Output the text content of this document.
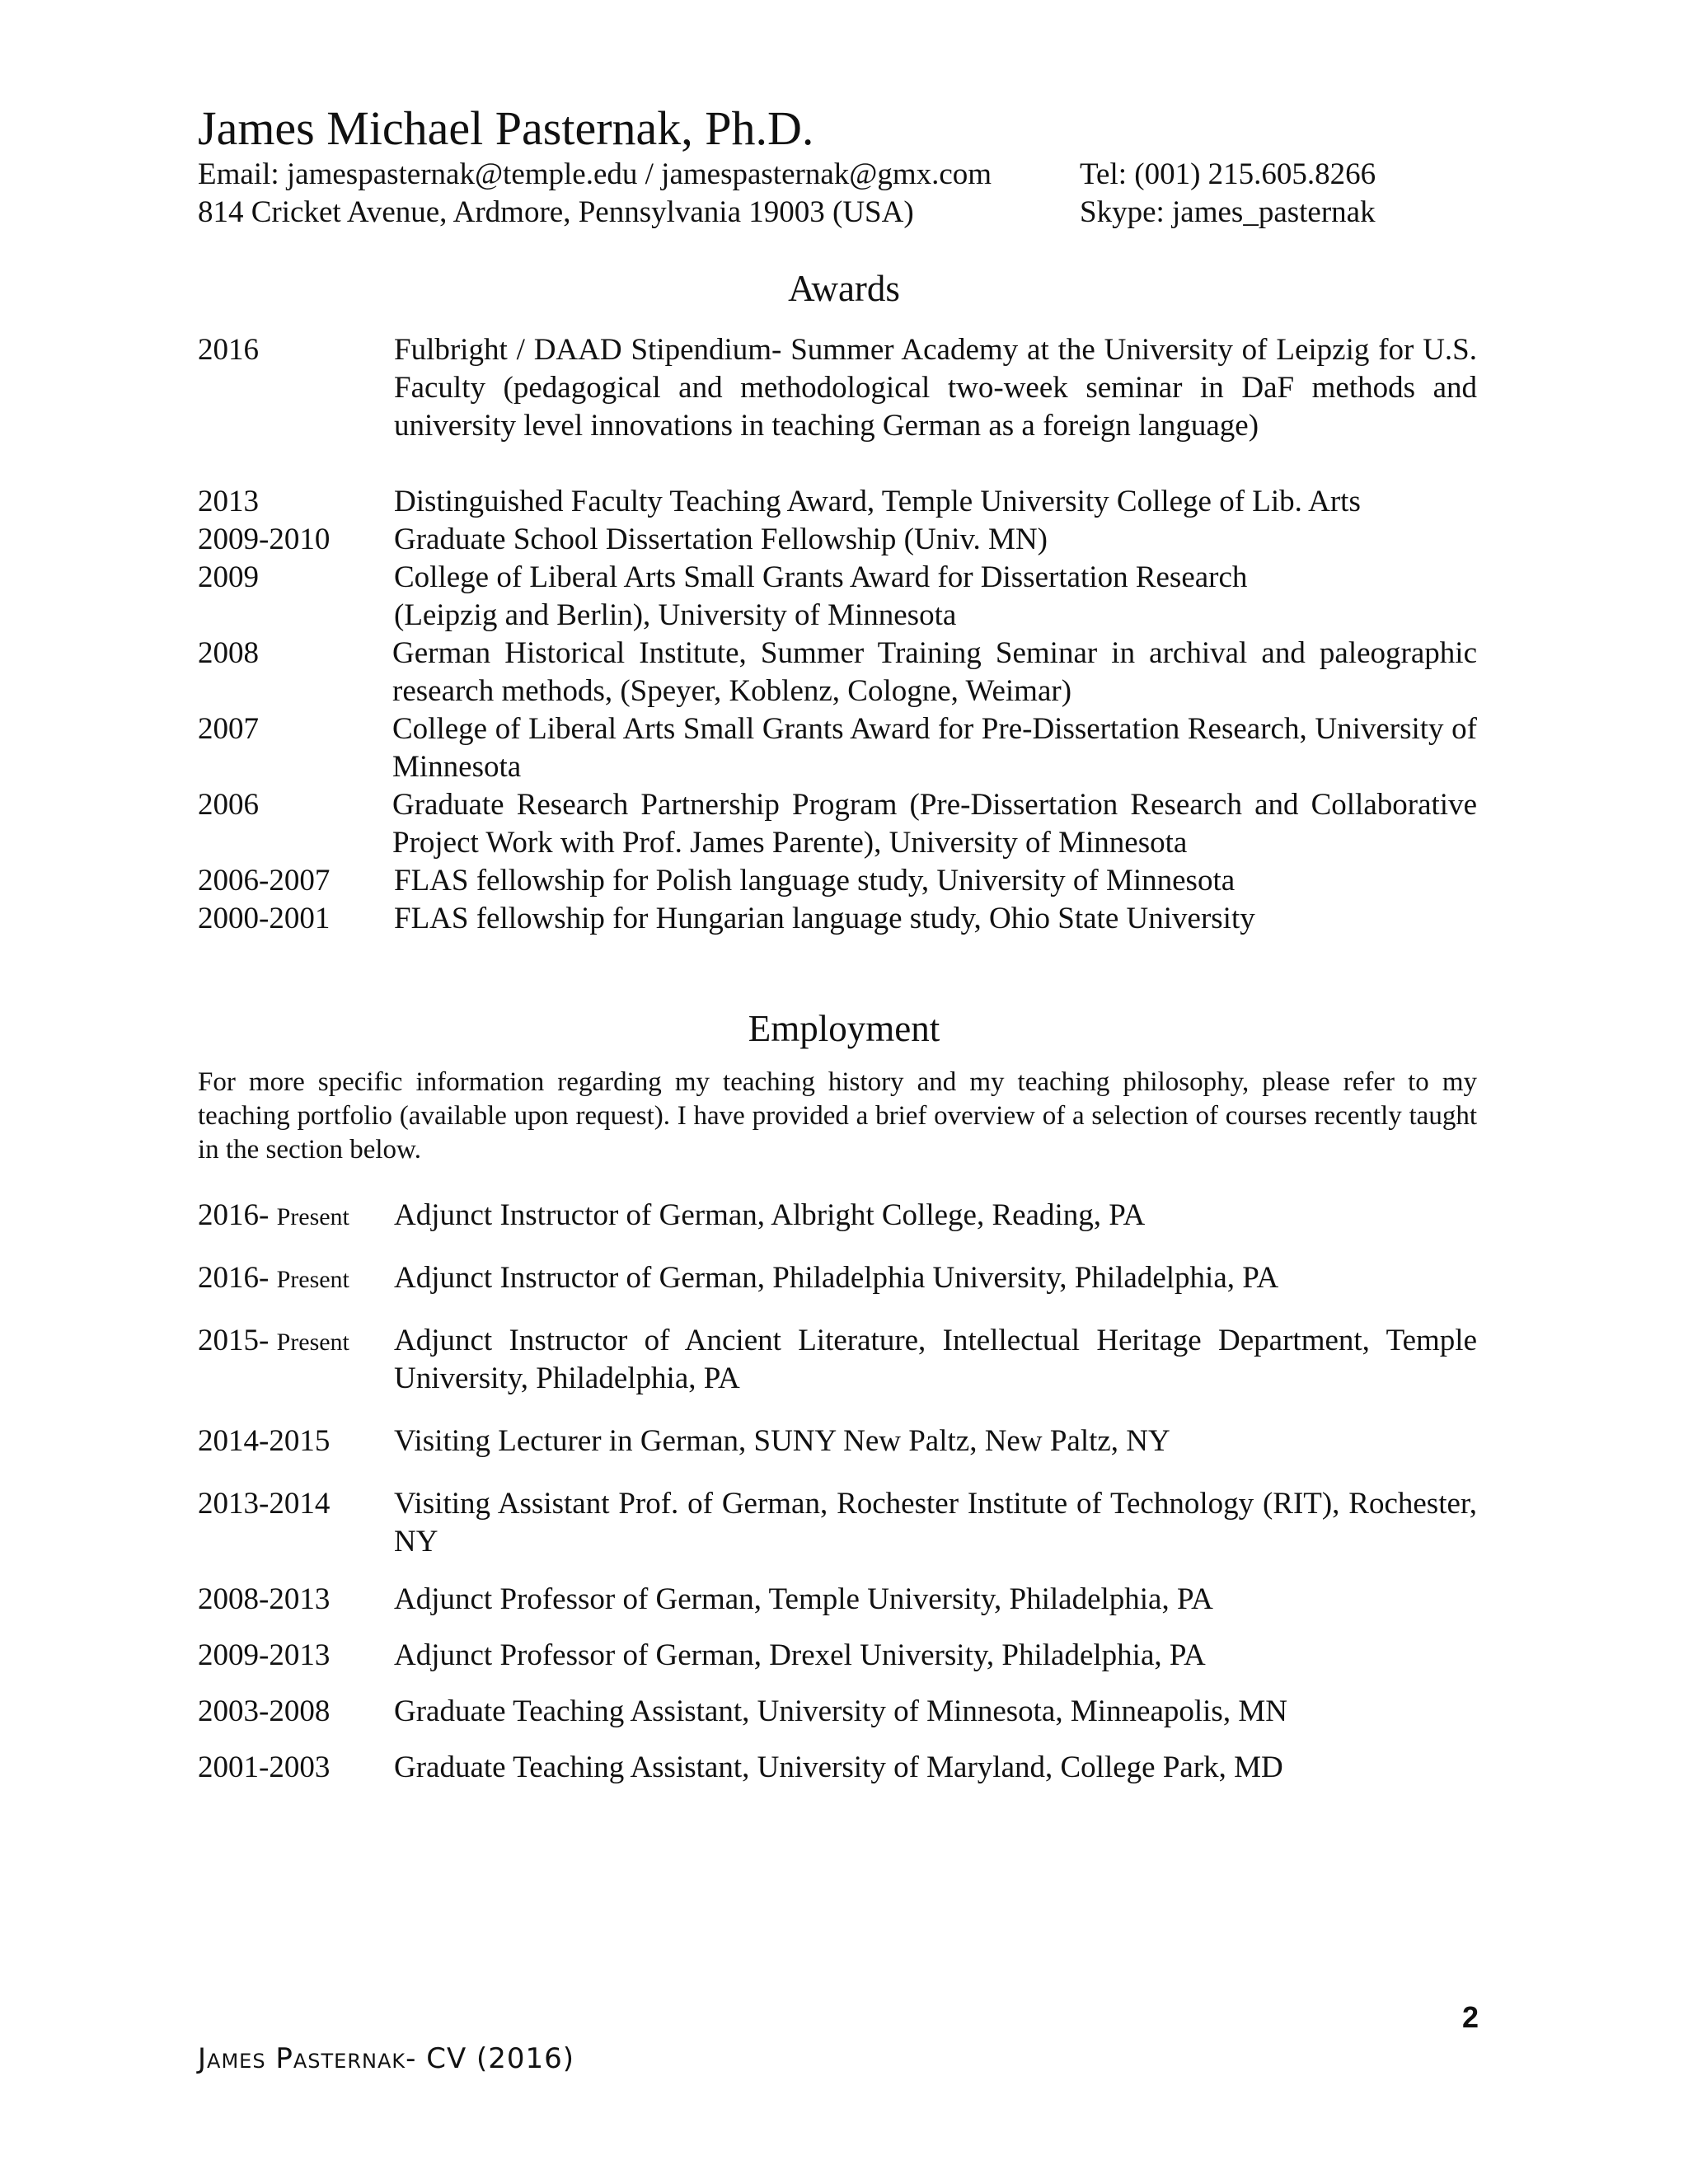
James Michael Pasternak, Ph.D.
Email: jamespasternak@temple.edu / jamespasternak@gmx.com	Tel: (001) 215.605.8266
814 Cricket Avenue, Ardmore, Pennsylvania 19003 (USA)	Skype: james_pasternak
Awards
2016	Fulbright / DAAD Stipendium- Summer Academy at the University of Leipzig for U.S. Faculty (pedagogical and methodological two-week seminar in DaF methods and university level innovations in teaching German as a foreign language)
2013	Distinguished Faculty Teaching Award, Temple University College of Lib. Arts
2009-2010 Graduate School Dissertation Fellowship (Univ. MN)
2009	College of Liberal Arts Small Grants Award for Dissertation Research (Leipzig and Berlin), University of Minnesota
2008	German Historical Institute, Summer Training Seminar in archival and paleographic research methods, (Speyer, Koblenz, Cologne, Weimar)
2007	College of Liberal Arts Small Grants Award for Pre-Dissertation Research, University of Minnesota
2006	Graduate Research Partnership Program (Pre-Dissertation Research and Collaborative Project Work with Prof. James Parente), University of Minnesota
2006-2007 FLAS fellowship for Polish language study, University of Minnesota
2000-2001 FLAS fellowship for Hungarian language study, Ohio State University
Employment
For more specific information regarding my teaching history and my teaching philosophy, please refer to my teaching portfolio (available upon request). I have provided a brief overview of a selection of courses recently taught in the section below.
2016- Present Adjunct Instructor of German, Albright College, Reading, PA
2016- Present Adjunct Instructor of German, Philadelphia University, Philadelphia, PA
2015- Present Adjunct Instructor of Ancient Literature, Intellectual Heritage Department, Temple University, Philadelphia, PA
2014-2015 Visiting Lecturer in German, SUNY New Paltz, New Paltz, NY
2013-2014 Visiting Assistant Prof. of German, Rochester Institute of Technology (RIT), Rochester, NY
2008-2013 Adjunct Professor of German, Temple University, Philadelphia, PA
2009-2013 Adjunct Professor of German, Drexel University, Philadelphia, PA
2003-2008 Graduate Teaching Assistant, University of Minnesota, Minneapolis, MN
2001-2003 Graduate Teaching Assistant, University of Maryland, College Park, MD
2
James Pasternak- CV (2016)
